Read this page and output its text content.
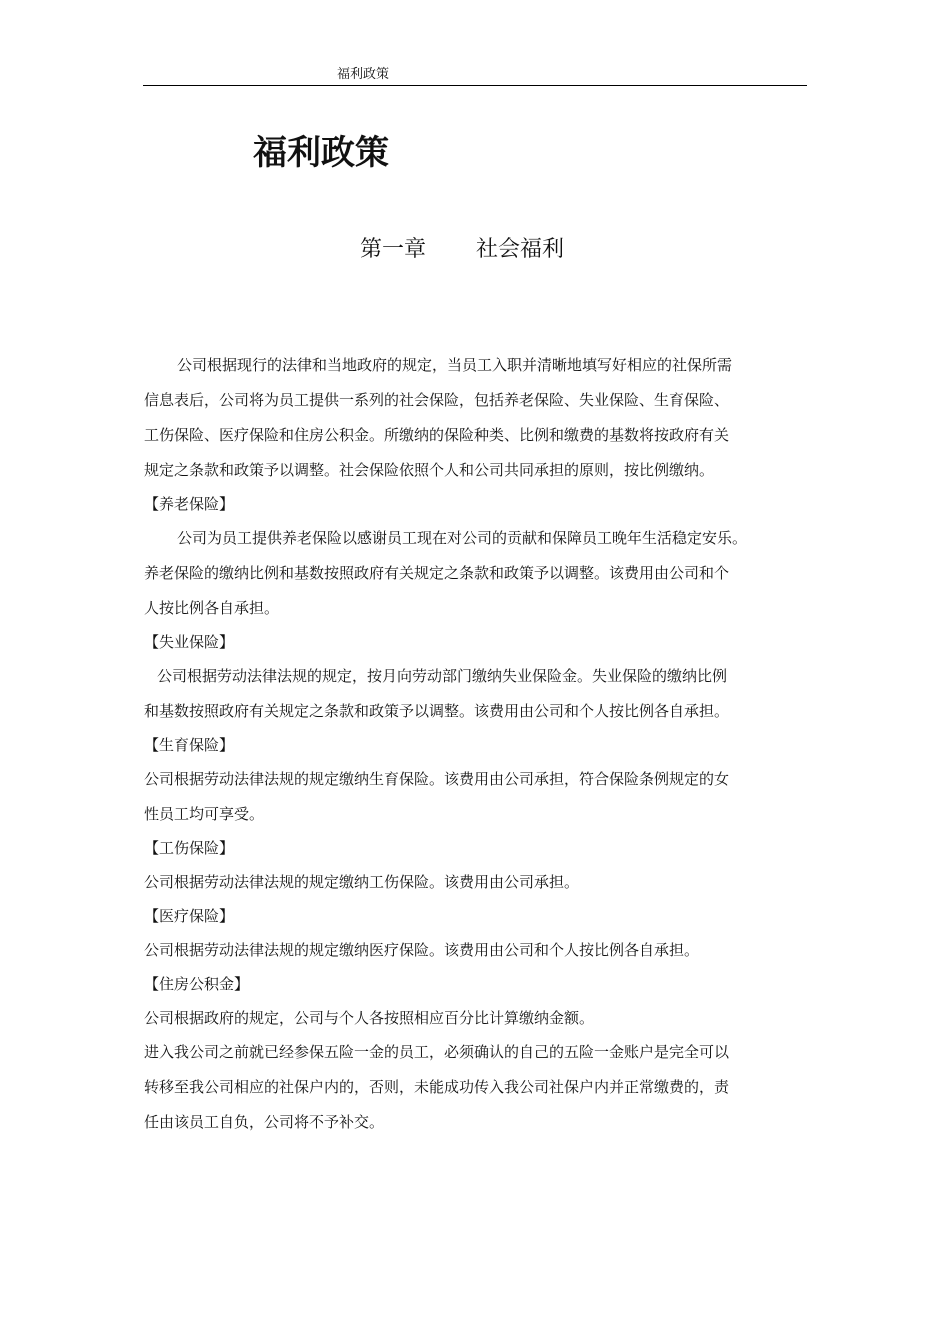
福利政策
福利政策
第一章 社会福利
公司根据现行的法律和当地政府的规定，当员工入职并清晰地填写好相应的社保所需
信息表后，公司将为员工提供一系列的社会保险，包括养老保险、失业保险、生育保险、
工伤保险、医疗保险和住房公积金。所缴纳的保险种类、比例和缴费的基数将按政府有关
规定之条款和政策予以调整。社会保险依照个人和公司共同承担的原则，按比例缴纳。
【养老保险】
公司为员工提供养老保险以感谢员工现在对公司的贡献和保障员工晚年生活稳定安乐。
养老保险的缴纳比例和基数按照政府有关规定之条款和政策予以调整。该费用由公司和个
人按比例各自承担。
【失业保险】
公司根据劳动法律法规的规定，按月向劳动部门缴纳失业保险金。失业保险的缴纳比例
和基数按照政府有关规定之条款和政策予以调整。该费用由公司和个人按比例各自承担。
【生育保险】
公司根据劳动法律法规的规定缴纳生育保险。该费用由公司承担，符合保险条例规定的女
性员工均可享受。
【工伤保险】
公司根据劳动法律法规的规定缴纳工伤保险。该费用由公司承担。
【医疗保险】
公司根据劳动法律法规的规定缴纳医疗保险。该费用由公司和个人按比例各自承担。
【住房公积金】
公司根据政府的规定，公司与个人各按照相应百分比计算缴纳金额。
进入我公司之前就已经参保五险一金的员工，必须确认的自己的五险一金账户是完全可以
转移至我公司相应的社保户内的，否则，未能成功传入我公司社保户内并正常缴费的，责
任由该员工自负，公司将不予补交。
